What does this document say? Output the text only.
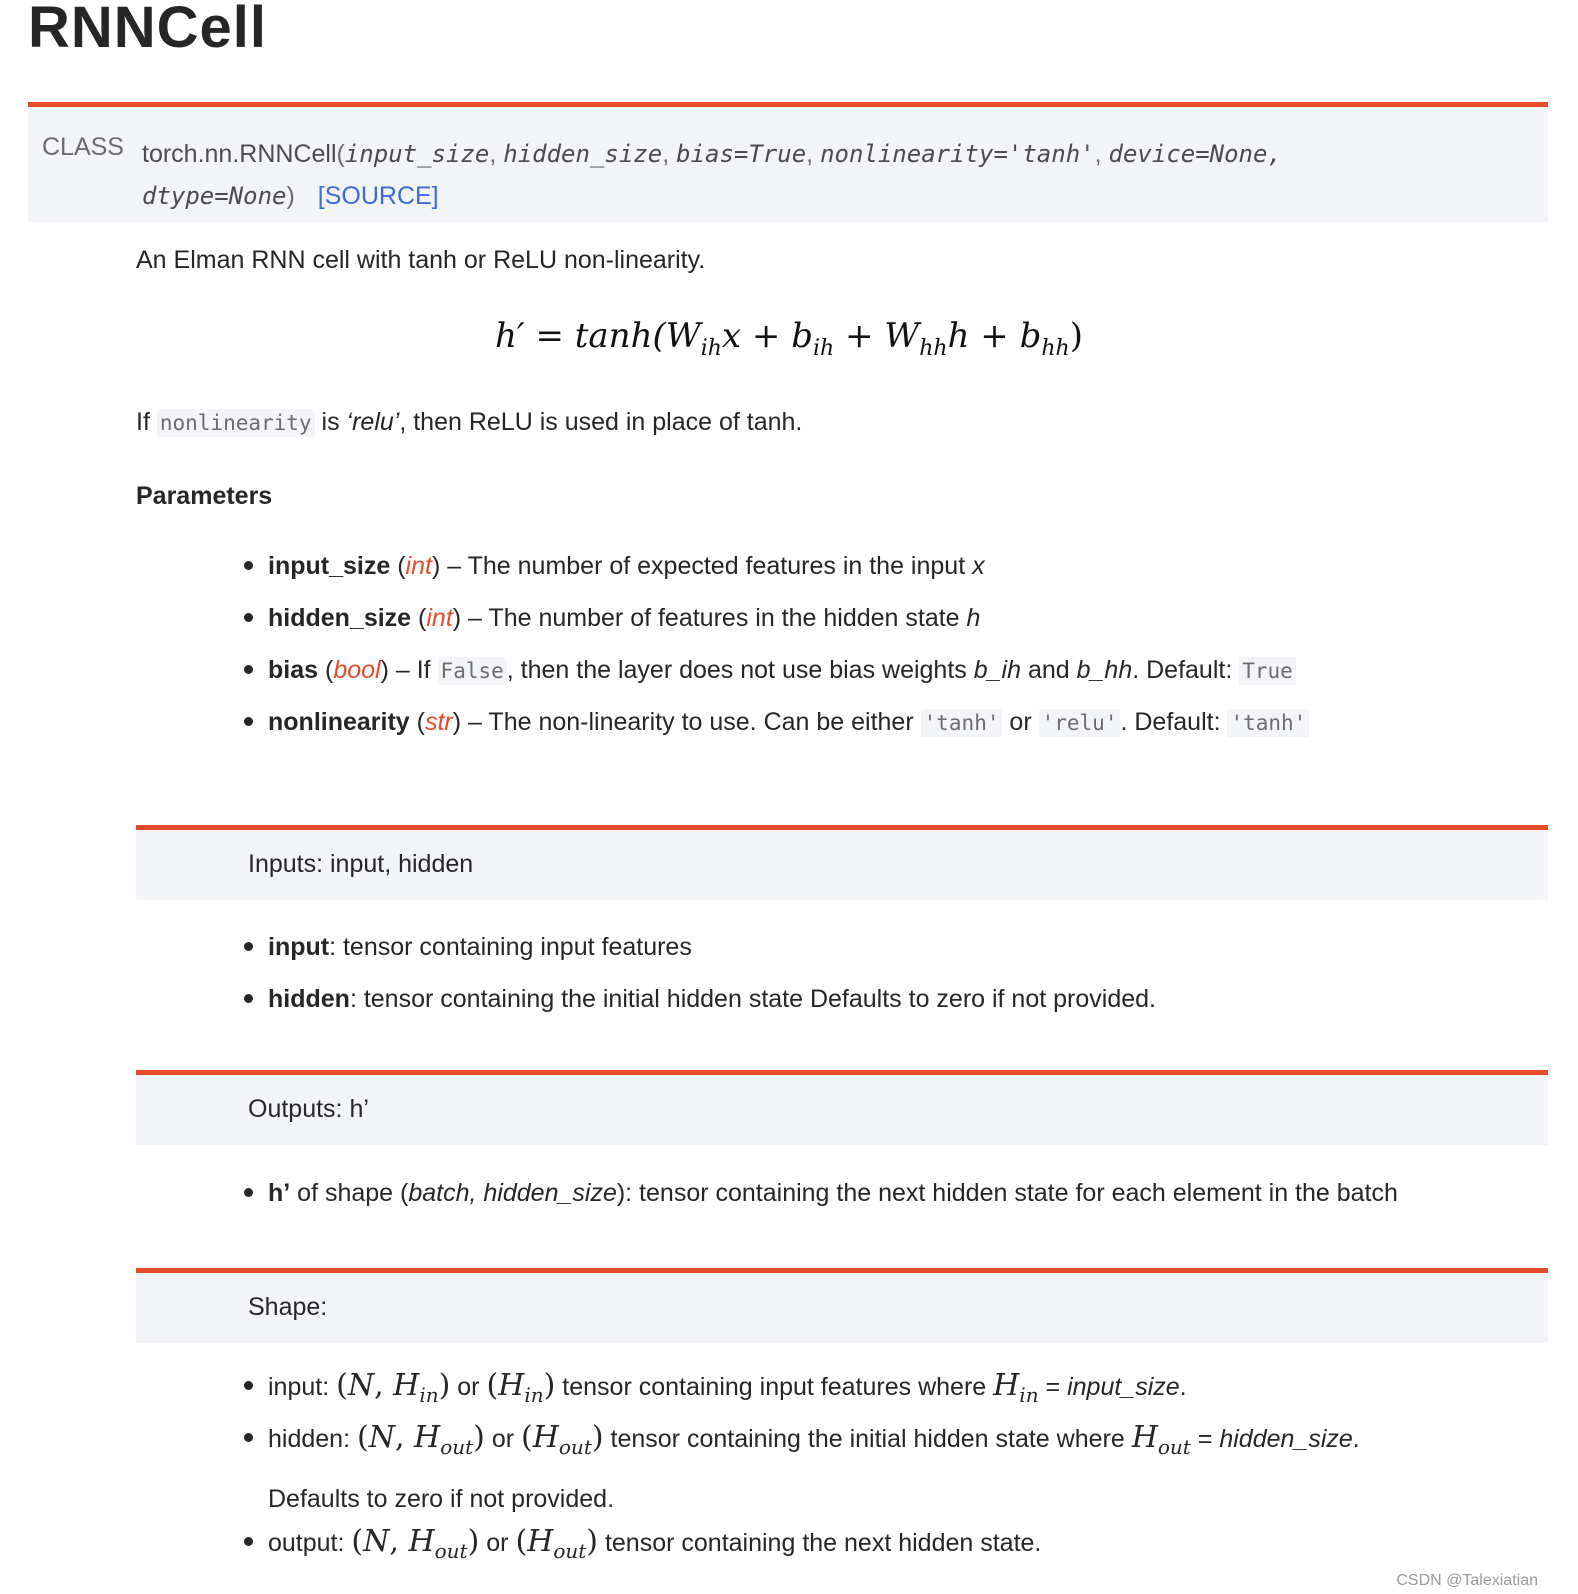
RNNCell
CLASS torch.nn.RNNCell(input_size, hidden_size, bias=True, nonlinearity='tanh', device=None,
dtype=None) [SOURCE]
An Elman RNN cell with tanh or ReLU non-linearity.
$h' = \tanh(W_{ih}x + b_{ih} + W_{hh}h + b_{hh})$
If nonlinearity is ‘relu’, then ReLU is used in place of tanh.
Parameters
input_size (int) – The number of expected features in the input x
hidden_size (int) – The number of features in the hidden state h
bias (bool) – If False , then the layer does not use bias weights b_ih and b_hh. Default: True
nonlinearity (str) – The non-linearity to use. Can be either 'tanh' or 'relu' . Default: 'tanh'
Inputs: input, hidden
input: tensor containing input features
hidden: tensor containing the initial hidden state Defaults to zero if not provided.
Outputs: h’
h’ of shape (batch, hidden_size): tensor containing the next hidden state for each element in the batch
Shape:
input: (N, $H_{in}$) or $(H_{in})$ tensor containing input features where $H_{in}$ = input_size.
hidden: (N, $H_{out}$) or $(H_{out})$ tensor containing the initial hidden state where $H_{out}$ = hidden_size.
Defaults to zero if not provided.
output: (N, $H_{out}$) or $(H_{out})$ tensor containing the next hidden state.
CSDN @Talexiatian
